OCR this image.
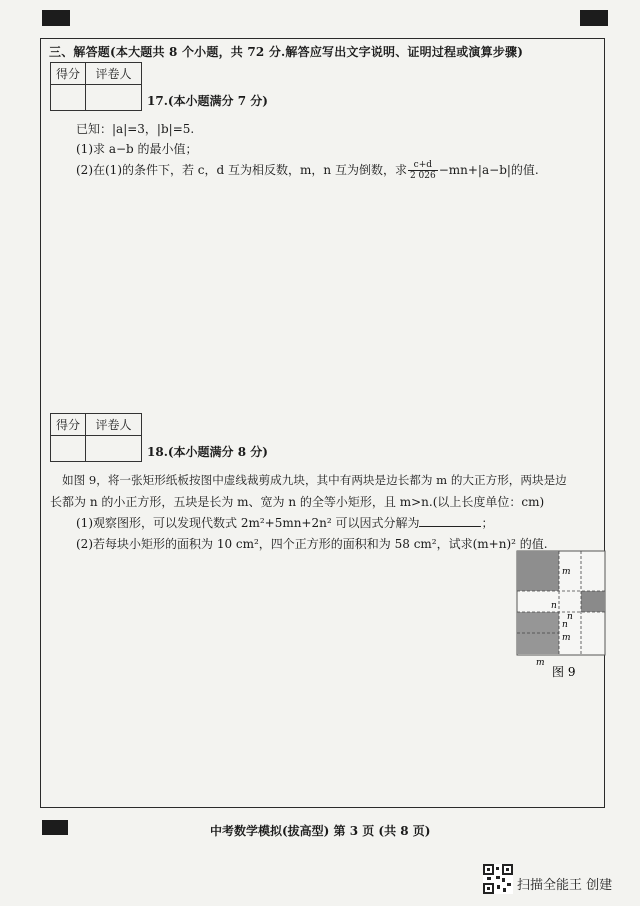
三、解答题(本大题共 8 个小题，共 72 分.解答应写出文字说明、证明过程或演算步骤)
得分	评卷人

17.(本小题满分 7 分)
已知：|a|=3，|b|=5.
(1)求 a−b 的最小值；
(2)在(1)的条件下，若 c，d 互为相反数，m，n 互为倒数，求 $\frac{c+d}{2 026} -mn+|a-b|$的值.
得分	评卷人

18.(本小题满分 8 分)
如图 9，将一张矩形纸板按图中虚线裁剪成九块，其中有两块是边长都为 m 的大正方形，两块是边
长都为 n 的小正方形，五块是长为 m、宽为 n 的全等小矩形，且 m>n.(以上长度单位：cm)
(1)观察图形，可以发现代数式 2m²+5mn+2n² 可以因式分解为	；
(2)若每块小矩形的面积为 10 cm²，四个正方形的面积和为 58 cm²，试求(m+n)² 的值.
m
n
n
n
m
m
图 9
中考数学模拟(拔高型) 第 3 页 (共 8 页)
扫描全能王 创建
